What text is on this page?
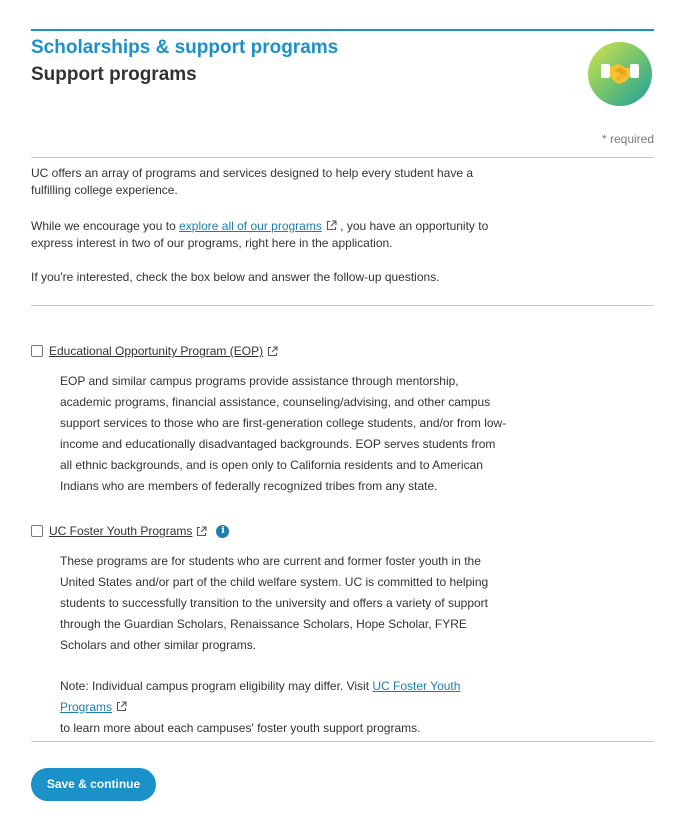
Scholarships & support programs
Support programs
* required

UC offers an array of programs and services designed to help every student have a fulfilling college experience.

While we encourage you to explore all of our programs , you have an opportunity to express interest in two of our programs, right here in the application.

If you're interested, check the box below and answer the follow-up questions.

Educational Opportunity Program (EOP)

EOP and similar campus programs provide assistance through mentorship, academic programs, financial assistance, counseling/advising, and other campus support services to those who are first-generation college students, and/or from low-income and educationally disadvantaged backgrounds. EOP serves students from all ethnic backgrounds, and is open only to California residents and to American Indians who are members of federally recognized tribes from any state.

UC Foster Youth Programs	i

These programs are for students who are current and former foster youth in the United States and/or part of the child welfare system. UC is committed to helping students to successfully transition to the university and offers a variety of support through the Guardian Scholars, Renaissance Scholars, Hope Scholar, FYRE Scholars and other similar programs.

Note: Individual campus program eligibility may differ. Visit UC Foster Youth Programs
to learn more about each campuses' foster youth support programs.

Save & continue
